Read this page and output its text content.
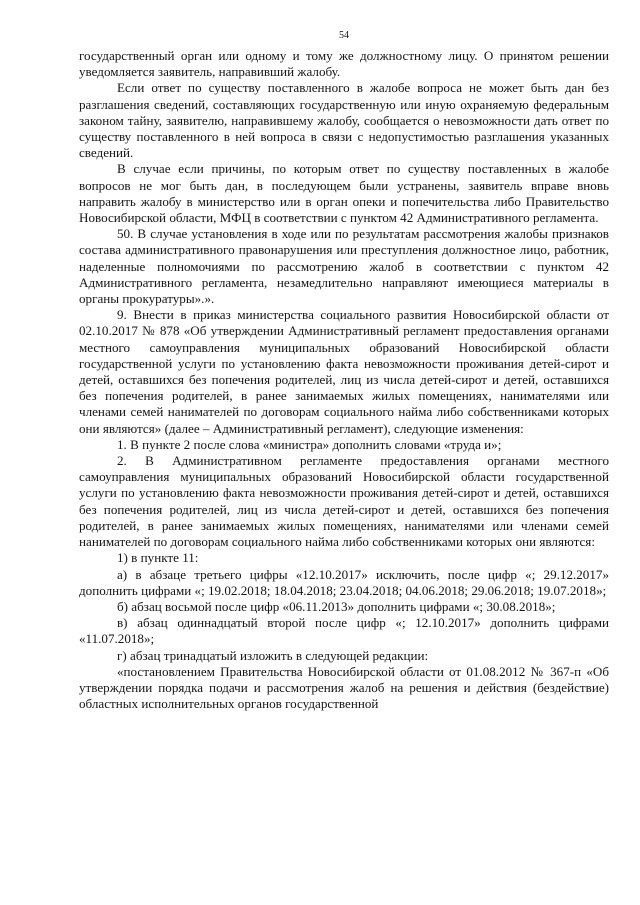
54

государственный орган или одному и тому же должностному лицу. О принятом решении уведомляется заявитель, направивший жалобу.

Если ответ по существу поставленного в жалобе вопроса не может быть дан без разглашения сведений, составляющих государственную или иную охраняемую федеральным законом тайну, заявителю, направившему жалобу, сообщается о невозможности дать ответ по существу поставленного в ней вопроса в связи с недопустимостью разглашения указанных сведений.

В случае если причины, по которым ответ по существу поставленных в жалобе вопросов не мог быть дан, в последующем были устранены, заявитель вправе вновь направить жалобу в министерство или в орган опеки и попечительства либо Правительство Новосибирской области, МФЦ в соответствии с пунктом 42 Административного регламента.

50. В случае установления в ходе или по результатам рассмотрения жалобы признаков состава административного правонарушения или преступления должностное лицо, работник, наделенные полномочиями по рассмотрению жалоб в соответствии с пунктом 42 Административного регламента, незамедлительно направляют имеющиеся материалы в органы прокуратуры».».

9. Внести в приказ министерства социального развития Новосибирской области от 02.10.2017 № 878 «Об утверждении Административный регламент предоставления органами местного самоуправления муниципальных образований Новосибирской области государственной услуги по установлению факта невозможности проживания детей-сирот и детей, оставшихся без попечения родителей, лиц из числа детей-сирот и детей, оставшихся без попечения родителей, в ранее занимаемых жилых помещениях, нанимателями или членами семей нанимателей по договорам социального найма либо собственниками которых они являются» (далее – Административный регламент), следующие изменения:

1. В пункте 2 после слова «министра» дополнить словами «труда и»;

2. В Административном регламенте предоставления органами местного самоуправления муниципальных образований Новосибирской области государственной услуги по установлению факта невозможности проживания детей-сирот и детей, оставшихся без попечения родителей, лиц из числа детей-сирот и детей, оставшихся без попечения родителей, в ранее занимаемых жилых помещениях, нанимателями или членами семей нанимателей по договорам социального найма либо собственниками которых они являются:

1) в пункте 11:

а) в абзаце третьего цифры «12.10.2017» исключить, после цифр «; 29.12.2017» дополнить цифрами «; 19.02.2018; 18.04.2018; 23.04.2018; 04.06.2018; 29.06.2018; 19.07.2018»;

б) абзац восьмой после цифр «06.11.2013» дополнить цифрами «; 30.08.2018»;

в) абзац одиннадцатый второй после цифр «; 12.10.2017» дополнить цифрами «11.07.2018»;

г) абзац тринадцатый изложить в следующей редакции:

«постановлением Правительства Новосибирской области от 01.08.2012 № 367-п «Об утверждении порядка подачи и рассмотрения жалоб на решения и действия (бездействие) областных исполнительных органов государственной
